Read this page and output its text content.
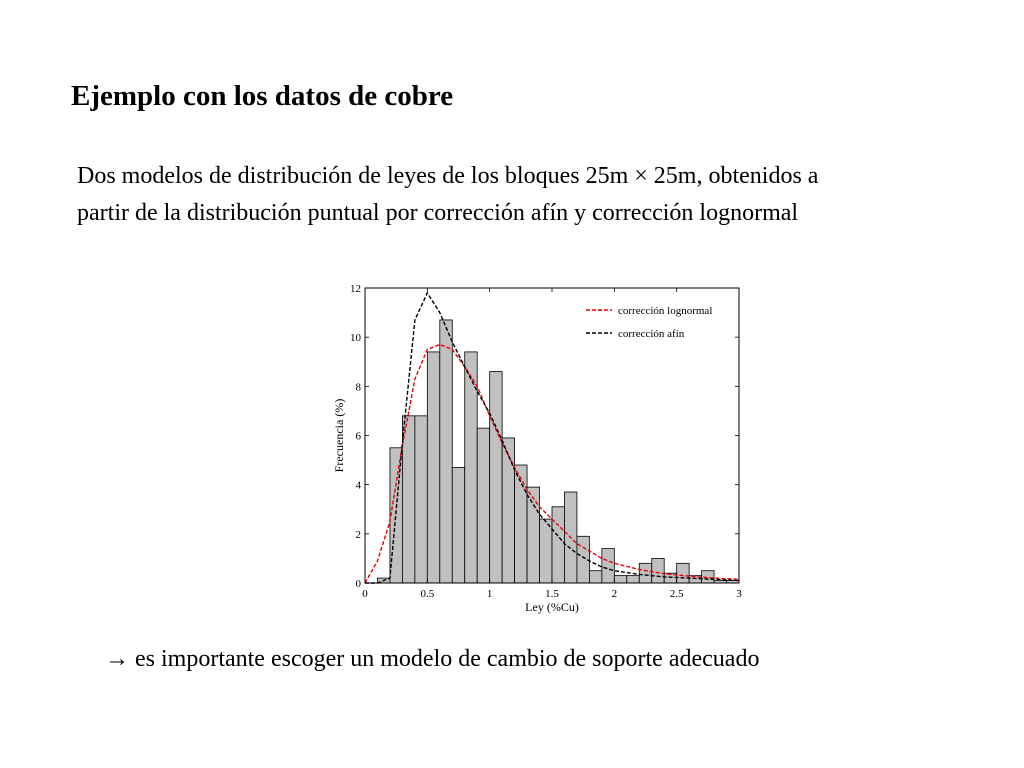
Ejemplo con los datos de cobre
Dos modelos de distribución de leyes de los bloques 25m × 25m, obtenidos a
partir de la distribución puntual por corrección afín y corrección lognormal
0	0.5	1	1.5	2	2.5	3
0
2
4
6
8
10
12
Ley (%Cu)
Frecuencia (%)
corrección lognormal
corrección afín
→ es importante escoger un modelo de cambio de soporte adecuado
